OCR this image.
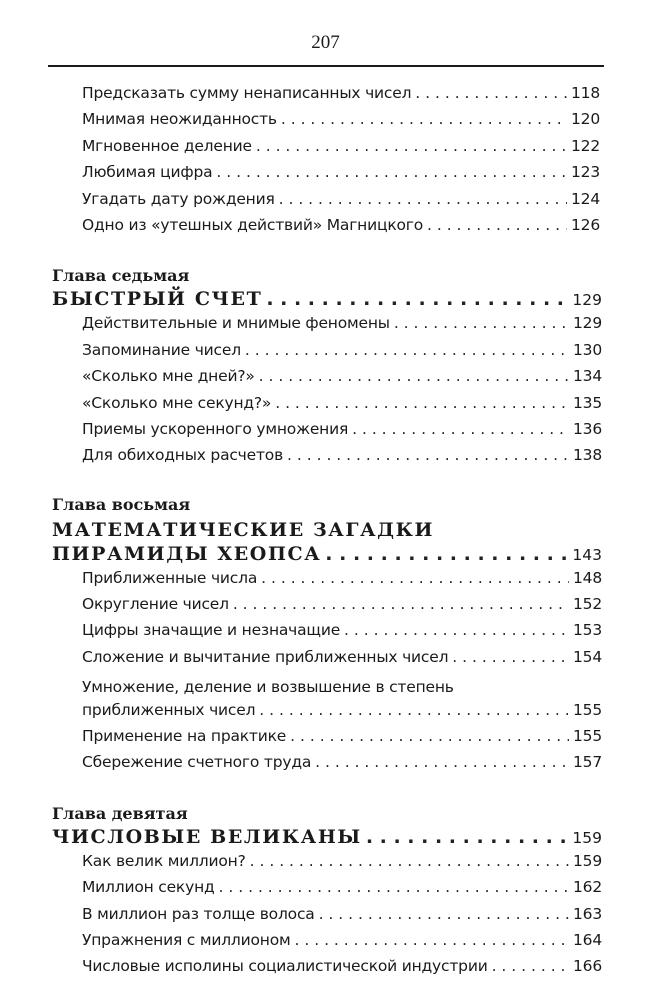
207
Предсказать сумму ненаписанных чисел . . .	118
Мнимая неожиданность . . .	120
Мгновенное деление . . .	122
Любимая цифра . . .	123
Угадать дату рождения . . .	124
Одно из «утешных действий» Магницкого . . .	126
Глава седьмая
БЫСТРЫЙ СЧЕТ . . .	129
Действительные и мнимые феномены . . .	129
Запоминание чисел . . .	130
«Сколько мне дней?» . . .	134
«Сколько мне секунд?» . . .	135
Приемы ускоренного умножения . . .	136
Для обиходных расчетов . . .	138
Глава восьмая
МАТЕМАТИЧЕСКИЕ ЗАГАДКИ
ПИРАМИДЫ ХЕОПСА . . .	143
Приближенные числа . . .	148
Округление чисел . . .	152
Цифры значащие и незначащие . . .	153
Сложение и вычитание приближенных чисел . . .	154
Умножение, деление и возвышение в степень
приближенных чисел . . .	155
Применение на практике . . .	155
Сбережение счетного труда . . .	157
Глава девятая
ЧИСЛОВЫЕ ВЕЛИКАНЫ . . .	159
Как велик миллион? . . .	159
Миллион секунд . . .	162
В миллион раз толще волоса . . .	163
Упражнения с миллионом . . .	164
Числовые исполины социалистической индустрии . . .	166
